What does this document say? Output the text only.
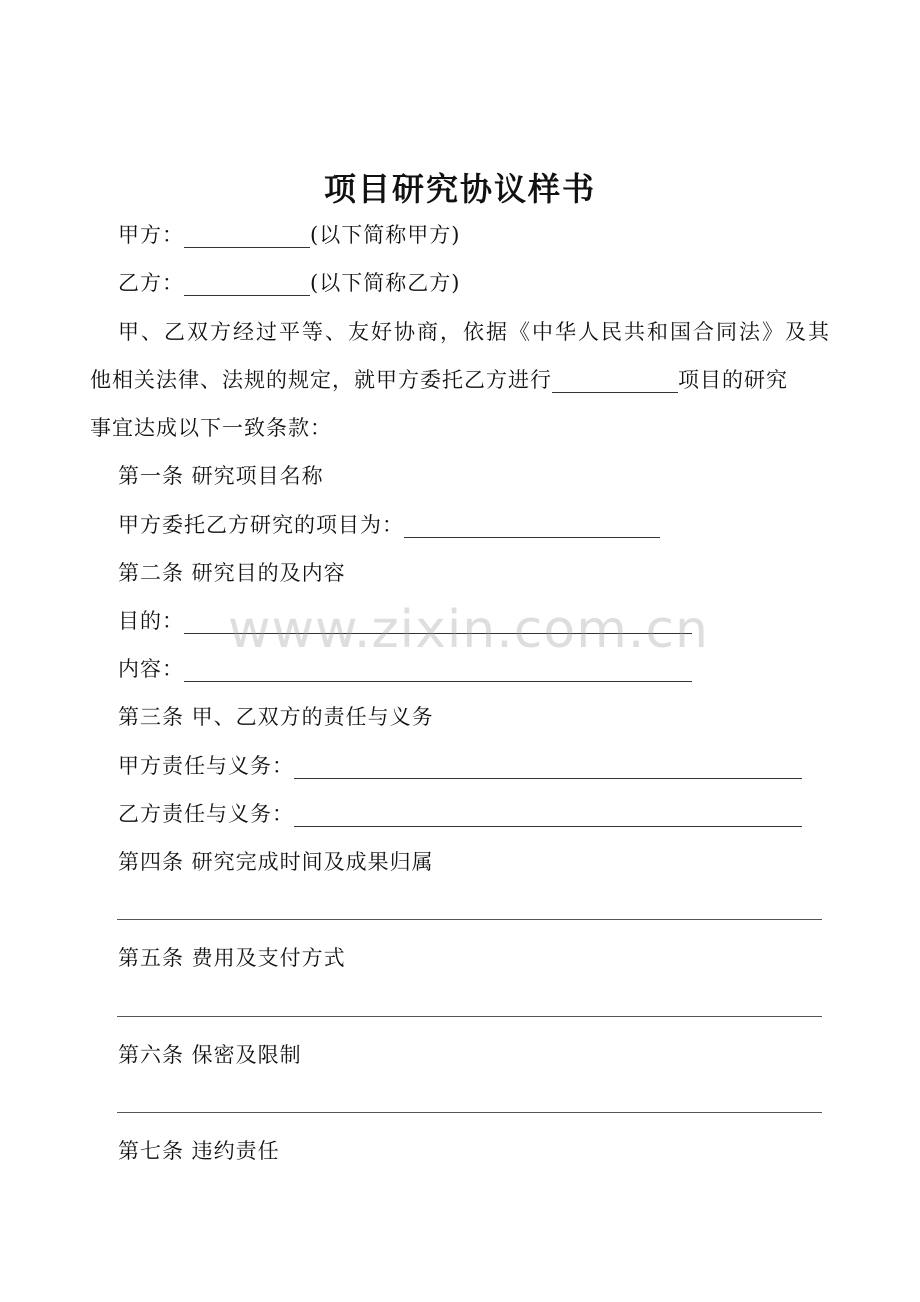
项目研究协议样书
甲方：	(以下简称甲方)
乙方：	(以下简称乙方)
甲、乙双方经过平等、友好协商，依据《中华人民共和国合同法》及其
他相关法律、法规的规定，就甲方委托乙方进行	项目的研究
事宜达成以下一致条款：
第一条 研究项目名称
甲方委托乙方研究的项目为：
第二条 研究目的及内容
目的：
内容：
第三条 甲、乙双方的责任与义务
甲方责任与义务：
乙方责任与义务：
第四条 研究完成时间及成果归属
第五条 费用及支付方式
第六条 保密及限制
第七条 违约责任
www.zixin.com.cn
